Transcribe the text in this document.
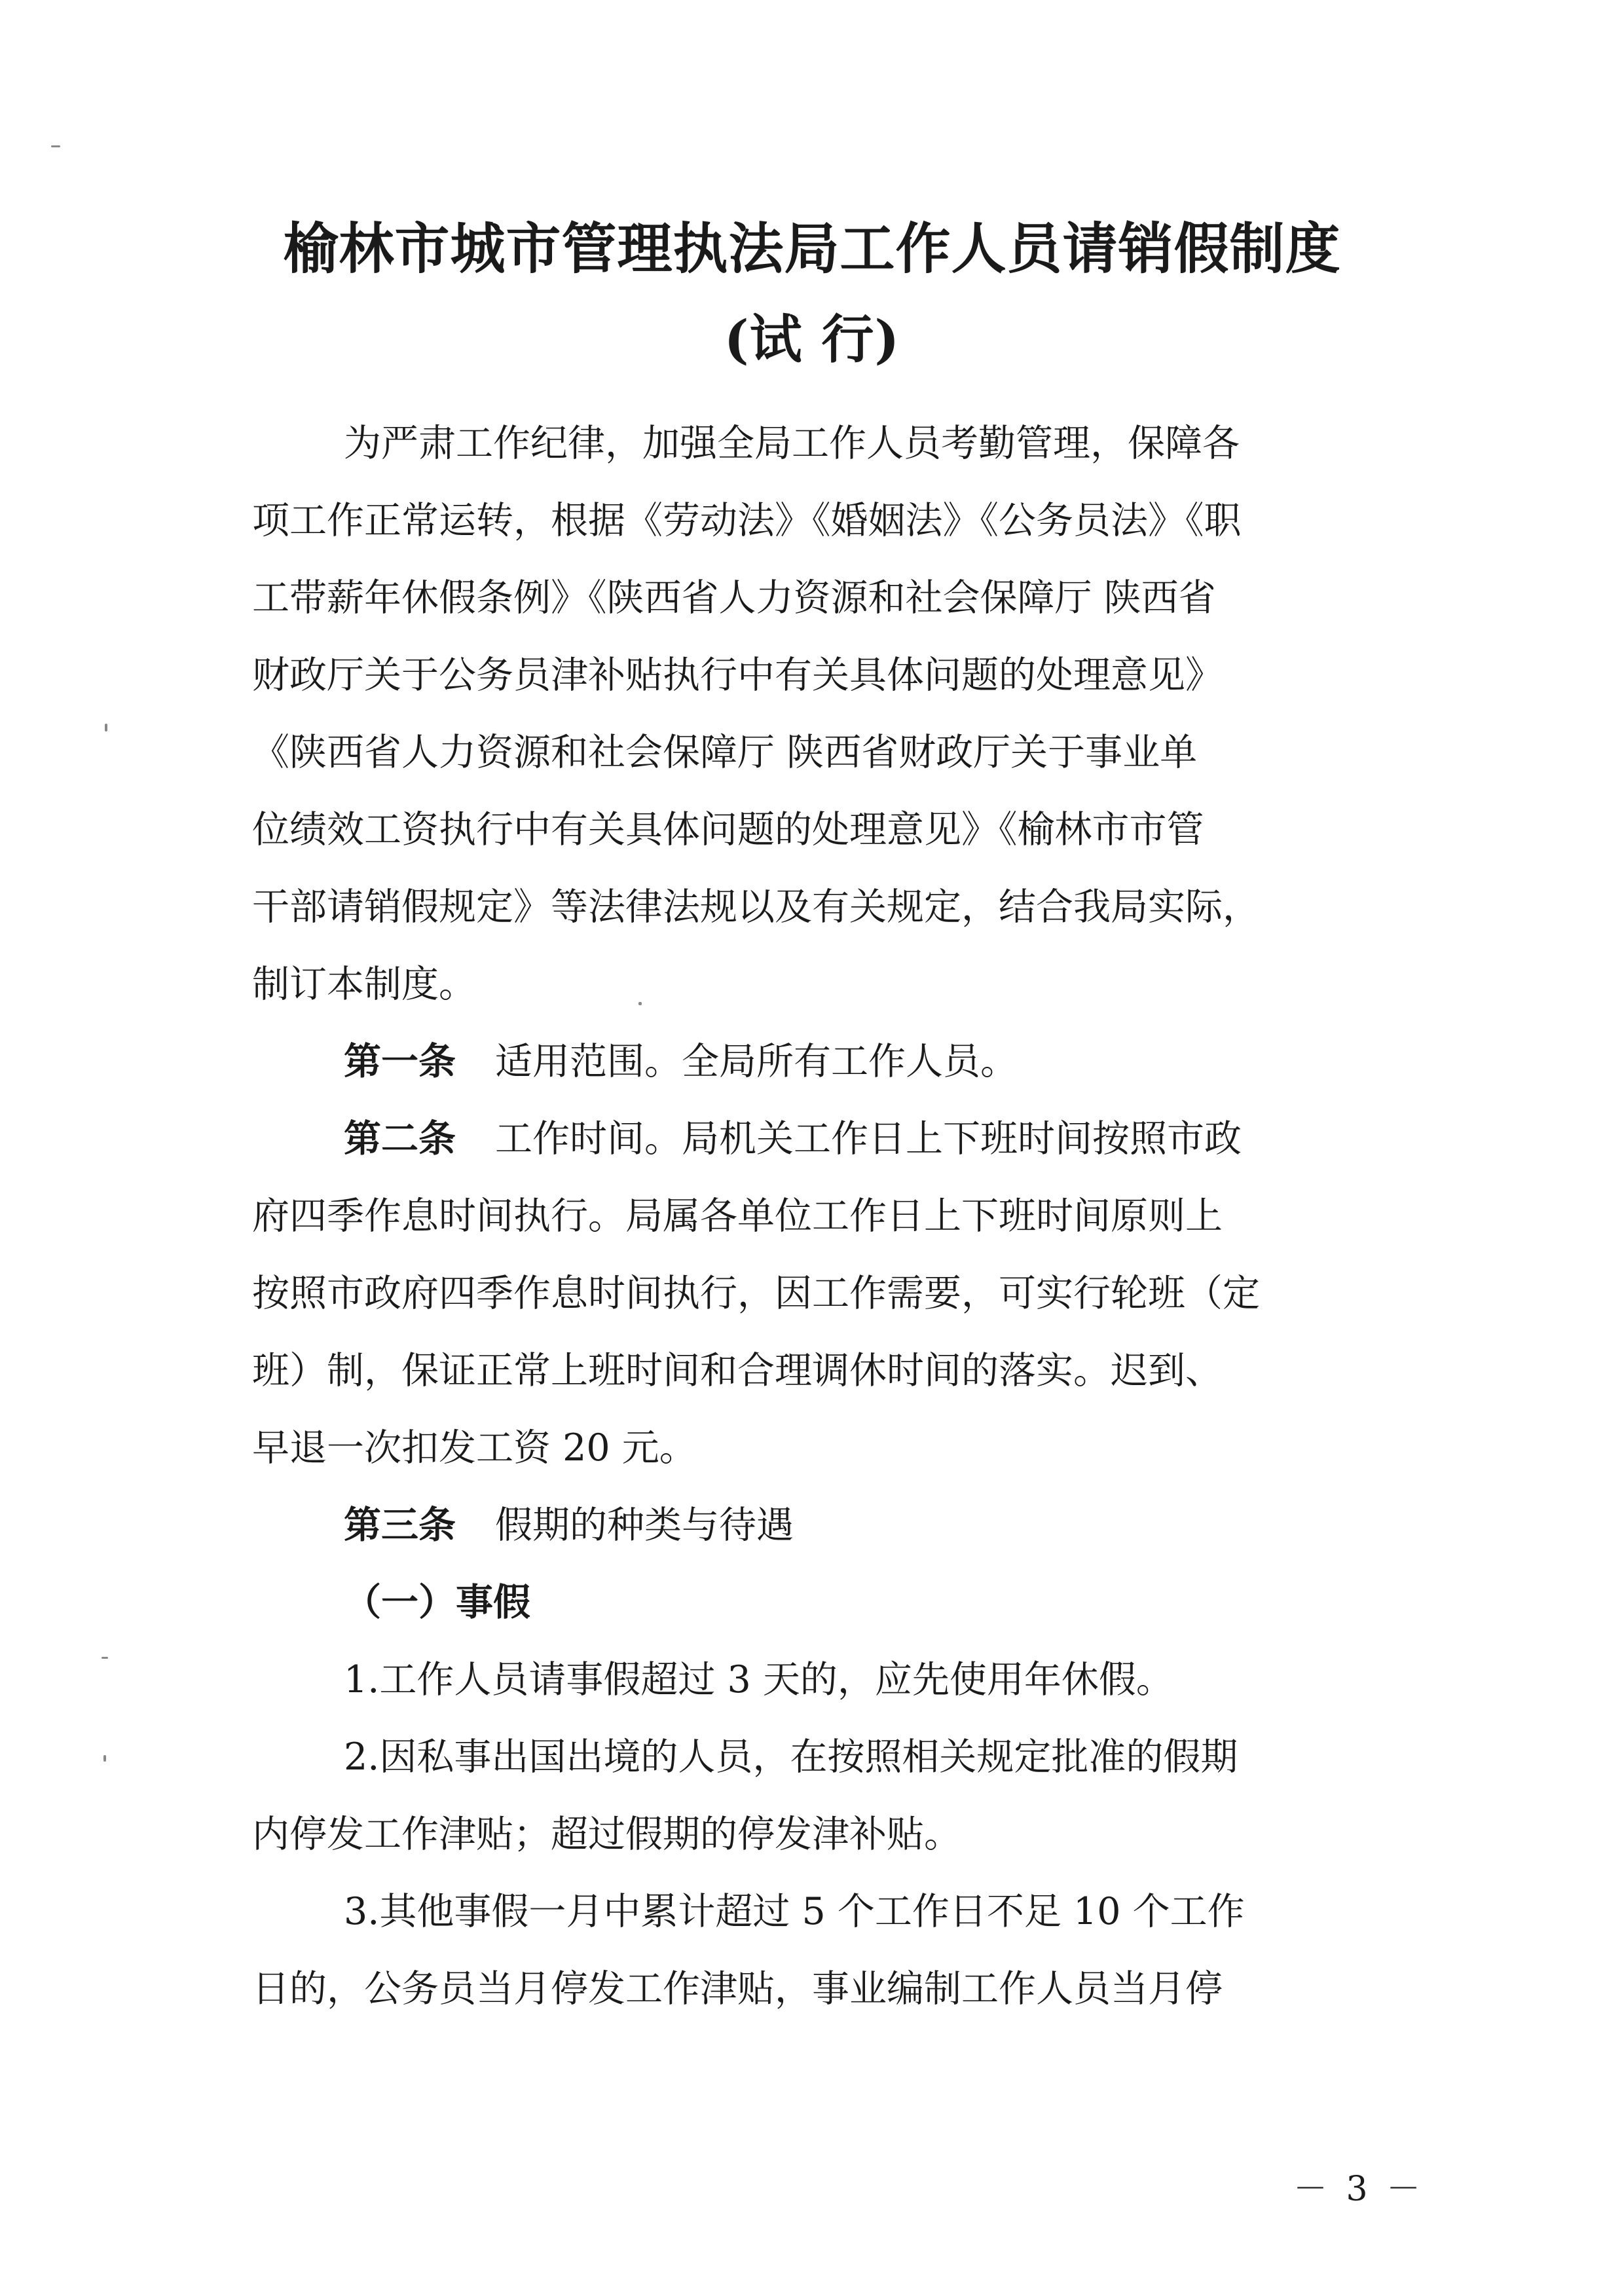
榆林市城市管理执法局工作人员请销假制度
(试 行)

为严肃工作纪律，加强全局工作人员考勤管理，保障各
项工作正常运转，根据《劳动法》《婚姻法》《公务员法》《职
工带薪年休假条例》《陕西省人力资源和社会保障厅 陕西省
财政厅关于公务员津补贴执行中有关具体问题的处理意见》
《陕西省人力资源和社会保障厅 陕西省财政厅关于事业单
位绩效工资执行中有关具体问题的处理意见》《榆林市市管
干部请销假规定》等法律法规以及有关规定，结合我局实际，
制订本制度。

第一条 适用范围。全局所有工作人员。

第二条 工作时间。局机关工作日上下班时间按照市政
府四季作息时间执行。局属各单位工作日上下班时间原则上
按照市政府四季作息时间执行，因工作需要，可实行轮班（定
班）制，保证正常上班时间和合理调休时间的落实。迟到、
早退一次扣发工资 20 元。

第三条 假期的种类与待遇

（一）事假

1.工作人员请事假超过 3 天的，应先使用年休假。

2.因私事出国出境的人员，在按照相关规定批准的假期
内停发工作津贴；超过假期的停发津补贴。

3.其他事假一月中累计超过 5 个工作日不足 10 个工作
日的，公务员当月停发工作津贴，事业编制工作人员当月停

－ 3 －
